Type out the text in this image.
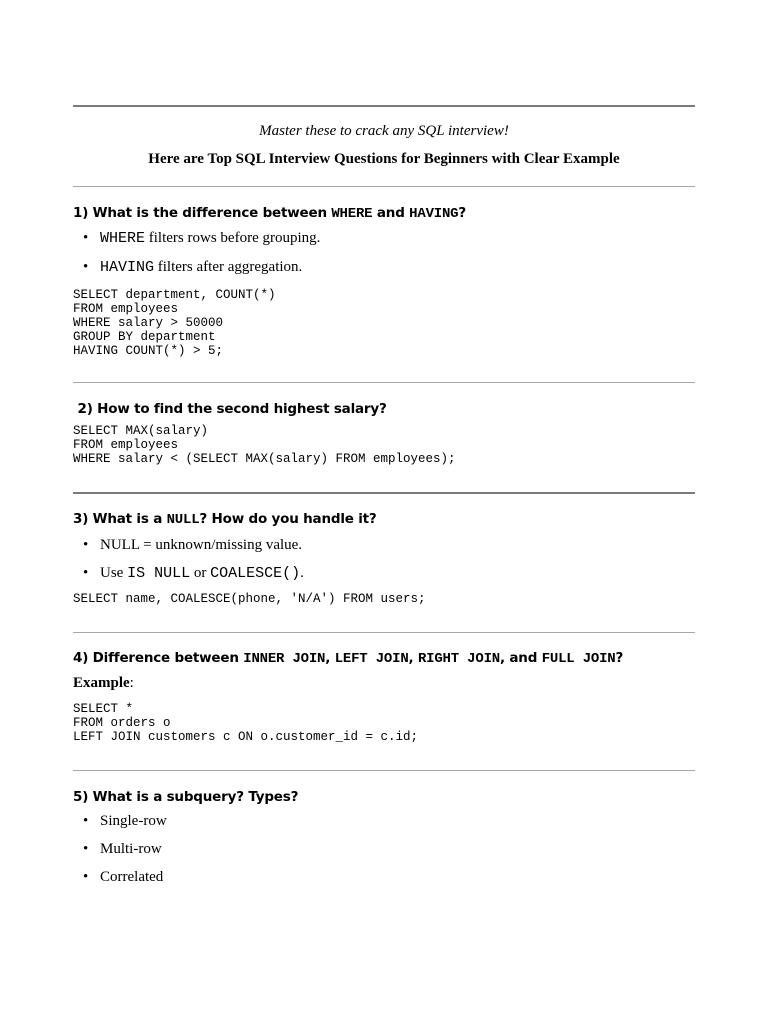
Master these to crack any SQL interview!
Here are Top SQL Interview Questions for Beginners with Clear Example
1) What is the difference between WHERE and HAVING?
• WHERE filters rows before grouping.
• HAVING filters after aggregation.
SELECT department, COUNT(*)
FROM employees
WHERE salary > 50000
GROUP BY department
HAVING COUNT(*) > 5;
2) How to find the second highest salary?
SELECT MAX(salary)
FROM employees
WHERE salary < (SELECT MAX(salary) FROM employees);
3) What is a NULL? How do you handle it?
• NULL = unknown/missing value.
• Use IS NULL or COALESCE().
SELECT name, COALESCE(phone, 'N/A') FROM users;
4) Difference between INNER JOIN, LEFT JOIN, RIGHT JOIN, and FULL JOIN?
Example:
SELECT *
FROM orders o
LEFT JOIN customers c ON o.customer_id = c.id;
5) What is a subquery? Types?
• Single-row
• Multi-row
• Correlated
